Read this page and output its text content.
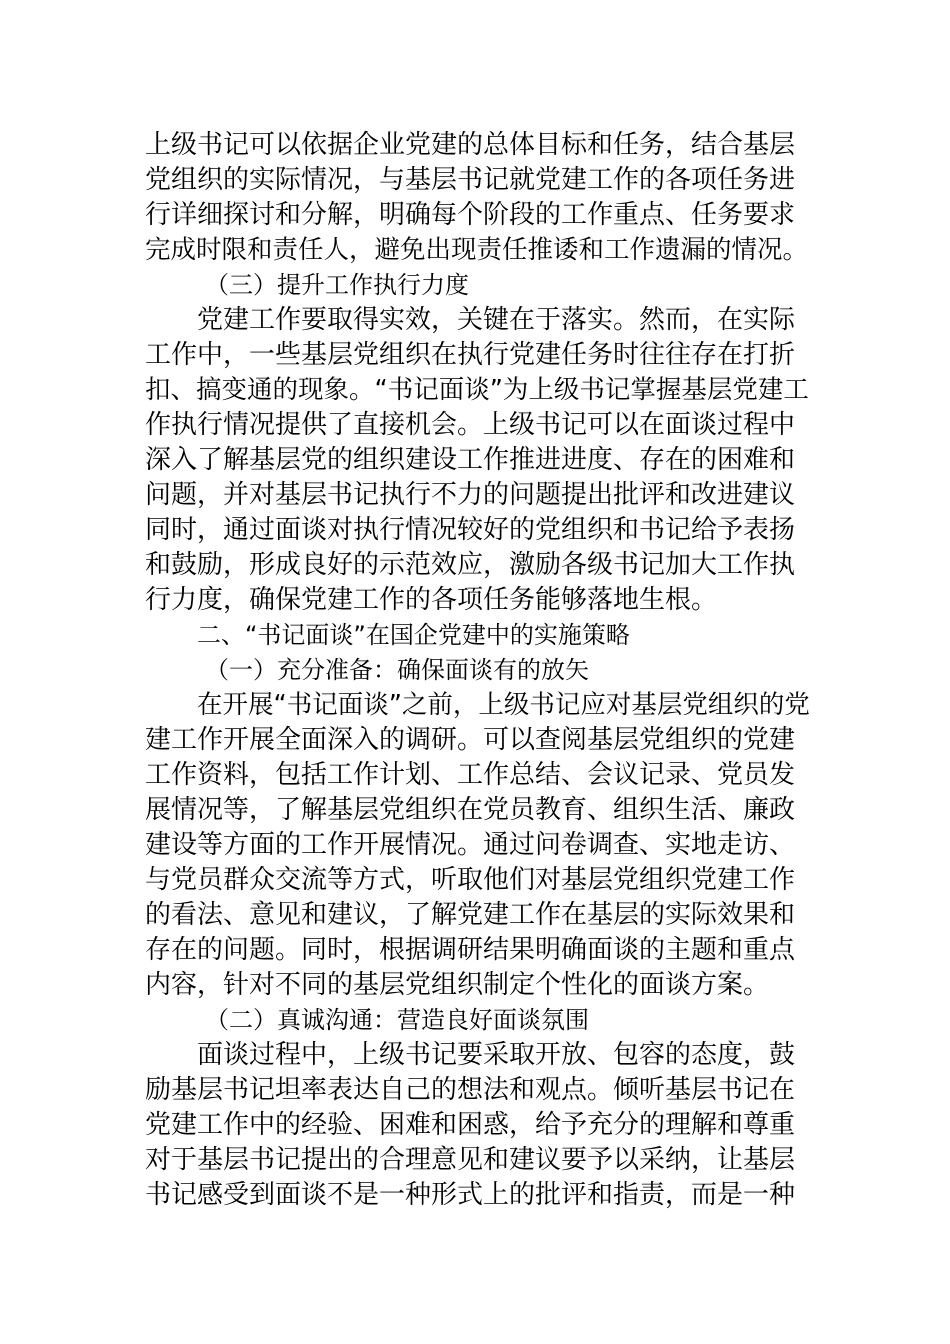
上级书记可以依据企业党建的总体目标和任务，结合基层
党组织的实际情况，与基层书记就党建工作的各项任务进
行详细探讨和分解，明确每个阶段的工作重点、任务要求
完成时限和责任人，避免出现责任推诿和工作遗漏的情况。
（三）提升工作执行力度
党建工作要取得实效，关键在于落实。然而，在实际
工作中，一些基层党组织在执行党建任务时往往存在打折
扣、搞变通的现象。“书记面谈”为上级书记掌握基层党建工
作执行情况提供了直接机会。上级书记可以在面谈过程中
深入了解基层党的组织建设工作推进进度、存在的困难和
问题，并对基层书记执行不力的问题提出批评和改进建议
同时，通过面谈对执行情况较好的党组织和书记给予表扬
和鼓励，形成良好的示范效应，激励各级书记加大工作执
行力度，确保党建工作的各项任务能够落地生根。
二、“书记面谈”在国企党建中的实施策略
（一）充分准备：确保面谈有的放矢
在开展“书记面谈”之前，上级书记应对基层党组织的党
建工作开展全面深入的调研。可以查阅基层党组织的党建
工作资料，包括工作计划、工作总结、会议记录、党员发
展情况等，了解基层党组织在党员教育、组织生活、廉政
建设等方面的工作开展情况。通过问卷调查、实地走访、
与党员群众交流等方式，听取他们对基层党组织党建工作
的看法、意见和建议，了解党建工作在基层的实际效果和
存在的问题。同时，根据调研结果明确面谈的主题和重点
内容，针对不同的基层党组织制定个性化的面谈方案。
（二）真诚沟通：营造良好面谈氛围
面谈过程中，上级书记要采取开放、包容的态度，鼓
励基层书记坦率表达自己的想法和观点。倾听基层书记在
党建工作中的经验、困难和困惑，给予充分的理解和尊重
对于基层书记提出的合理意见和建议要予以采纳，让基层
书记感受到面谈不是一种形式上的批评和指责，而是一种
